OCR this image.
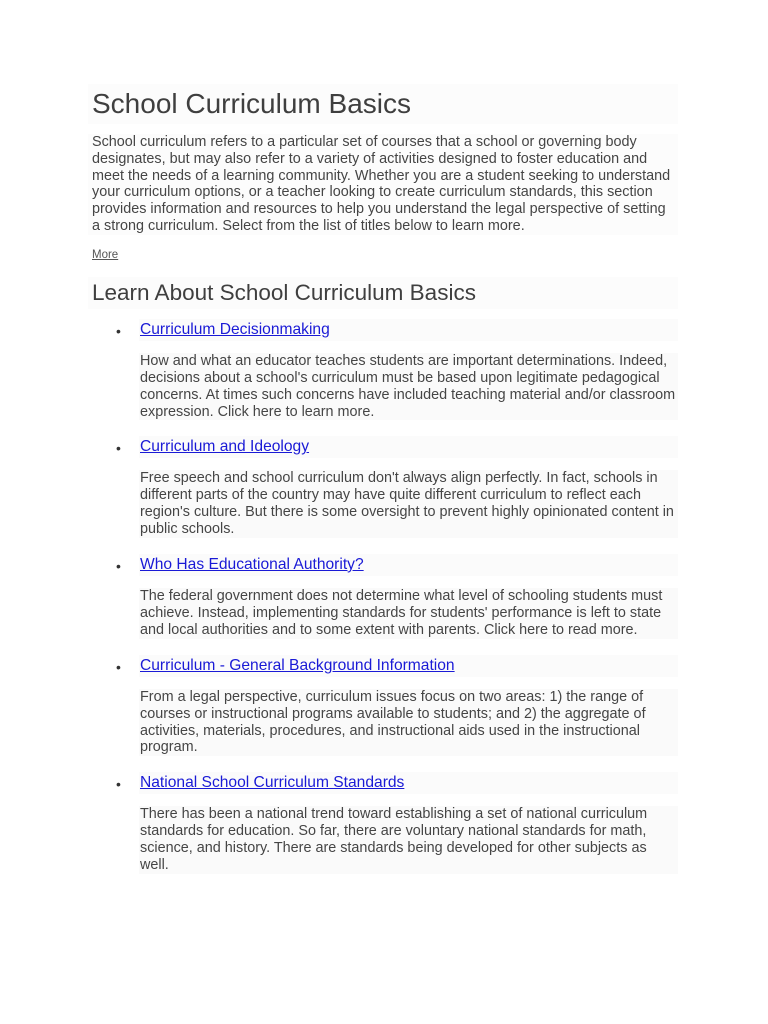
School Curriculum Basics

School curriculum refers to a particular set of courses that a school or governing body designates, but may also refer to a variety of activities designed to foster education and meet the needs of a learning community. Whether you are a student seeking to understand your curriculum options, or a teacher looking to create curriculum standards, this section provides information and resources to help you understand the legal perspective of setting a strong curriculum. Select from the list of titles below to learn more.

More
Learn About School Curriculum Basics
• Curriculum Decisionmaking

How and what an educator teaches students are important determinations. Indeed, decisions about a school's curriculum must be based upon legitimate pedagogical concerns. At times such concerns have included teaching material and/or classroom expression. Click here to learn more.

• Curriculum and Ideology

Free speech and school curriculum don't always align perfectly. In fact, schools in different parts of the country may have quite different curriculum to reflect each region's culture. But there is some oversight to prevent highly opinionated content in public schools.

• Who Has Educational Authority?

The federal government does not determine what level of schooling students must achieve. Instead, implementing standards for students' performance is left to state and local authorities and to some extent with parents. Click here to read more.

• Curriculum - General Background Information

From a legal perspective, curriculum issues focus on two areas: 1) the range of courses or instructional programs available to students; and 2) the aggregate of activities, materials, procedures, and instructional aids used in the instructional program.

• National School Curriculum Standards

There has been a national trend toward establishing a set of national curriculum standards for education. So far, there are voluntary national standards for math, science, and history. There are standards being developed for other subjects as well.
